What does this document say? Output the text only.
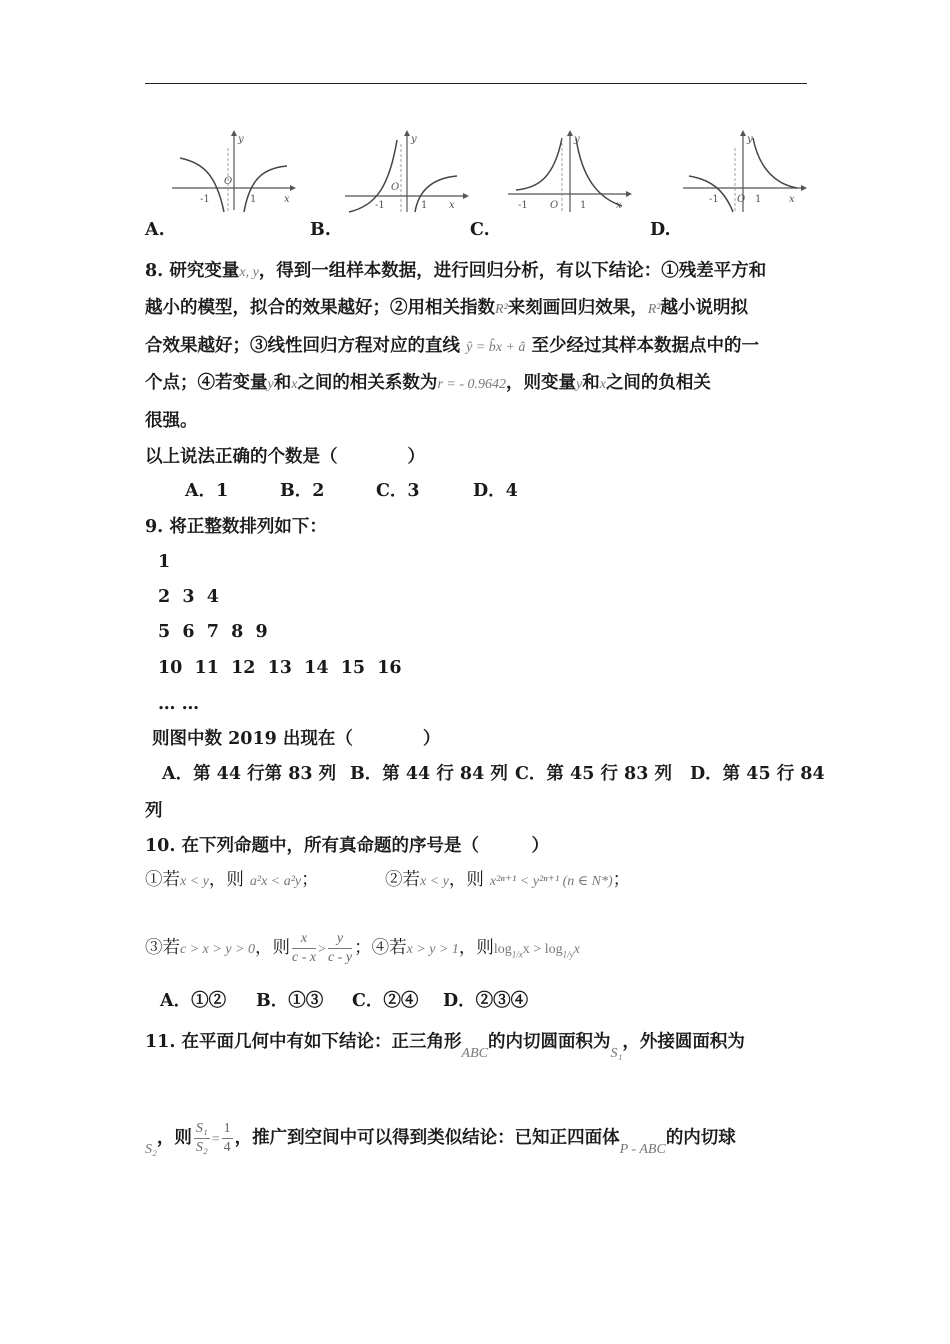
y
O
-1	1	x
y
O
-1	1 x
y
O
-1	1	x
y
O
-1	1	x
A.	B.	C.	D.
8. 研究变量x, y，得到一组样本数据，进行回归分析，有以下结论：①残差平方和
越小的模型，拟合的效果越好；②用相关指数R²来刻画回归效果，R²越小说明拟
合效果越好；③线性回归方程对应的直线 ŷ = b̂x + â 至少经过其样本数据点中的一
个点；④若变量y和x之间的相关系数为r = - 0.9642，则变量y和x之间的负相关
很强。
以上说法正确的个数是（　　　　）
A．1	B．2	C．3	D．4
9. 将正整数排列如下：
1
2  3  4
5  6  7  8  9
10  11  12  13  14  15  16
… …
则图中数 2019 出现在（　　　　）
A．第 44 行第 83 列 B．第 44 行 84 列 C．第 45 行 83 列 D．第 45 行 84
列
10. 在下列命题中，所有真命题的序号是（　　　）
①若x < y，则 a²x < a²y；	②若x < y，则 x²ⁿ⁺¹ < y²ⁿ⁺¹ (n ∈ N*)；
③若c > x > y > 0，则 $\frac{x}{c - x} > \frac{y}{c - y}$ ；④若x > y > 1，则$\log_{1/x}x > \log_{1/y}x$
A．①② B．①③ C．②④ D．②③④
11. 在平面几何中有如下结论：正三角形$_{ABC}$的内切圆面积为$_{S_1}$，外接圆面积为
$_{S_2}$，则 $\frac{\text{S₁}}{\text{S₂}} = \frac{1}{4}$ ，推广到空间中可以得到类似结论：已知正四面体$_{P - ABC}$的内切球
